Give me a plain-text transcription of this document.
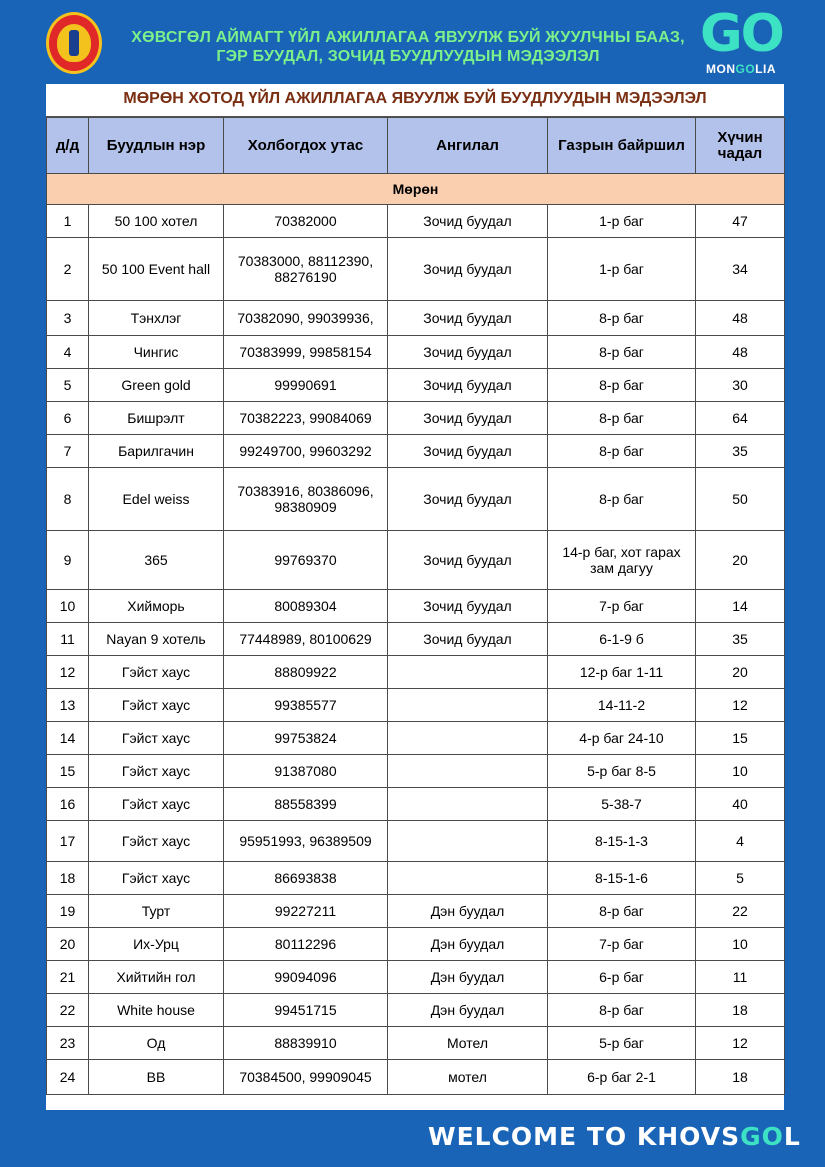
ХӨВСГӨЛ АЙМАГТ ҮЙЛ АЖИЛЛАГАА ЯВУУЛЖ БУЙ ЖУУЛЧНЫ БААЗ,
ГЭР БУУДАЛ, ЗОЧИД БУУДЛУУДЫН МЭДЭЭЛЭЛ	GO
MONGOLIA
МӨРӨН ХОТОД ҮЙЛ АЖИЛЛАГАА ЯВУУЛЖ БУЙ БУУДЛУУДЫН МЭДЭЭЛЭЛ
д/д	Буудлын нэр	Холбогдох утас	Ангилал	Газрын байршил	Хүчин чадал
Мөрөн					
1	50 100 хотел	70382000	Зочид буудал	1-р баг	47
2	50 100 Event hall	70383000, 88112390, 88276190	Зочид буудал	1-р баг	34
3	Тэнхлэг	70382090, 99039936,	Зочид буудал	8-р баг	48
4	Чингис	70383999, 99858154	Зочид буудал	8-р баг	48
5	Green gold	99990691	Зочид буудал	8-р баг	30
6	Бишрэлт	70382223, 99084069	Зочид буудал	8-р баг	64
7	Барилгачин	99249700, 99603292	Зочид буудал	8-р баг	35
8	Edel weiss	70383916, 80386096, 98380909	Зочид буудал	8-р баг	50
9	365	99769370	Зочид буудал	14-р баг, хот гарах зам дагуу	20
10	Хийморь	80089304	Зочид буудал	7-р баг	14
11	Nayan 9 хотель	77448989, 80100629	Зочид буудал	6-1-9 б	35
12	Гэйст хаус	88809922		12-р баг 1-11	20
13	Гэйст хаус	99385577		14-11-2	12
14	Гэйст хаус	99753824		4-р баг 24-10	15
15	Гэйст хаус	91387080		5-р баг 8-5	10
16	Гэйст хаус	88558399		5-38-7	40
17	Гэйст хаус	95951993, 96389509		8-15-1-3	4
18	Гэйст хаус	86693838		8-15-1-6	5
19	Турт	99227211	Дэн буудал	8-р баг	22
20	Их-Урц	80112296	Дэн буудал	7-р баг	10
21	Хийтийн гол	99094096	Дэн буудал	6-р баг	11
22	White house	99451715	Дэн буудал	8-р баг	18
23	Од	88839910	Мотел	5-р баг	12
24	BB	70384500, 99909045	мотел	6-р баг 2-1	18
WELCOME TO KHOVSGOL
